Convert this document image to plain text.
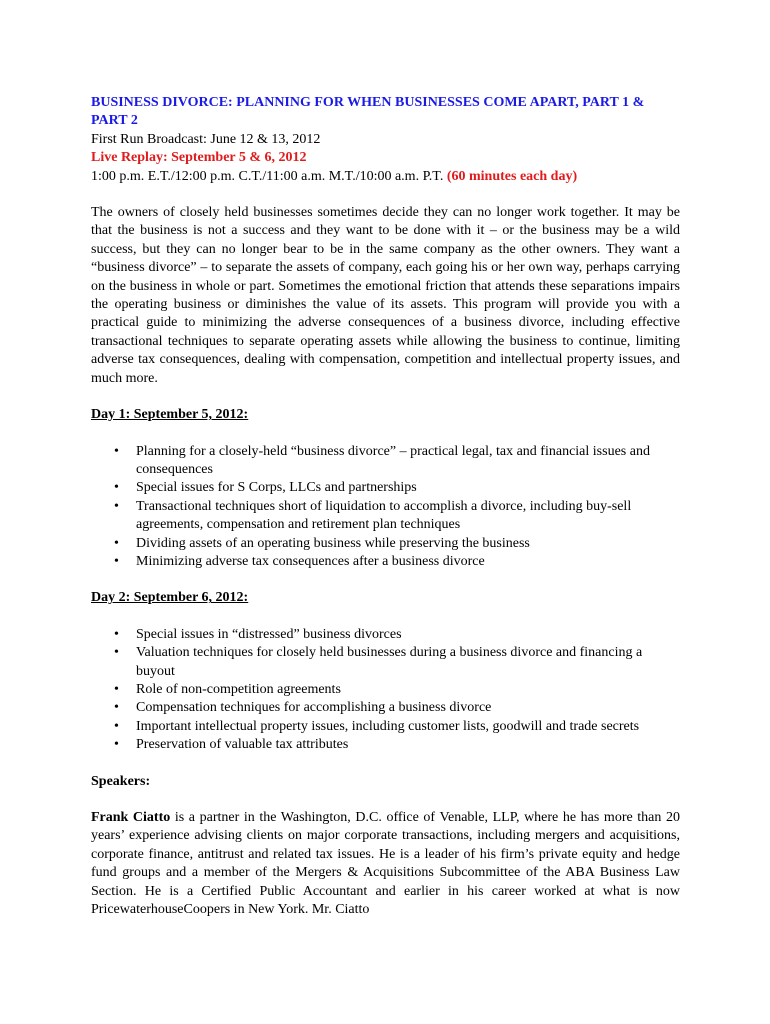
BUSINESS DIVORCE: PLANNING FOR WHEN BUSINESSES COME APART, PART 1 & PART 2

First Run Broadcast: June 12 & 13, 2012

Live Replay: September 5 & 6, 2012

1:00 p.m. E.T./12:00 p.m. C.T./11:00 a.m. M.T./10:00 a.m. P.T. (60 minutes each day)

The owners of closely held businesses sometimes decide they can no longer work together. It may be that the business is not a success and they want to be done with it – or the business may be a wild success, but they can no longer bear to be in the same company as the other owners. They want a “business divorce” – to separate the assets of company, each going his or her own way, perhaps carrying on the business in whole or part. Sometimes the emotional friction that attends these separations impairs the operating business or diminishes the value of its assets. This program will provide you with a practical guide to minimizing the adverse consequences of a business divorce, including effective transactional techniques to separate operating assets while allowing the business to continue, limiting adverse tax consequences, dealing with compensation, competition and intellectual property issues, and much more.

Day 1: September 5, 2012:

• Planning for a closely-held “business divorce” – practical legal, tax and financial issues and consequences
• Special issues for S Corps, LLCs and partnerships
• Transactional techniques short of liquidation to accomplish a divorce, including buy-sell agreements, compensation and retirement plan techniques
• Dividing assets of an operating business while preserving the business
• Minimizing adverse tax consequences after a business divorce

Day 2: September 6, 2012:

• Special issues in “distressed” business divorces
• Valuation techniques for closely held businesses during a business divorce and financing a buyout
• Role of non-competition agreements
• Compensation techniques for accomplishing a business divorce
• Important intellectual property issues, including customer lists, goodwill and trade secrets
• Preservation of valuable tax attributes

Speakers:

Frank Ciatto is a partner in the Washington, D.C. office of Venable, LLP, where he has more than 20 years’ experience advising clients on major corporate transactions, including mergers and acquisitions, corporate finance, antitrust and related tax issues. He is a leader of his firm’s private equity and hedge fund groups and a member of the Mergers & Acquisitions Subcommittee of the ABA Business Law Section. He is a Certified Public Accountant and earlier in his career worked at what is now PricewaterhouseCoopers in New York. Mr. Ciatto
